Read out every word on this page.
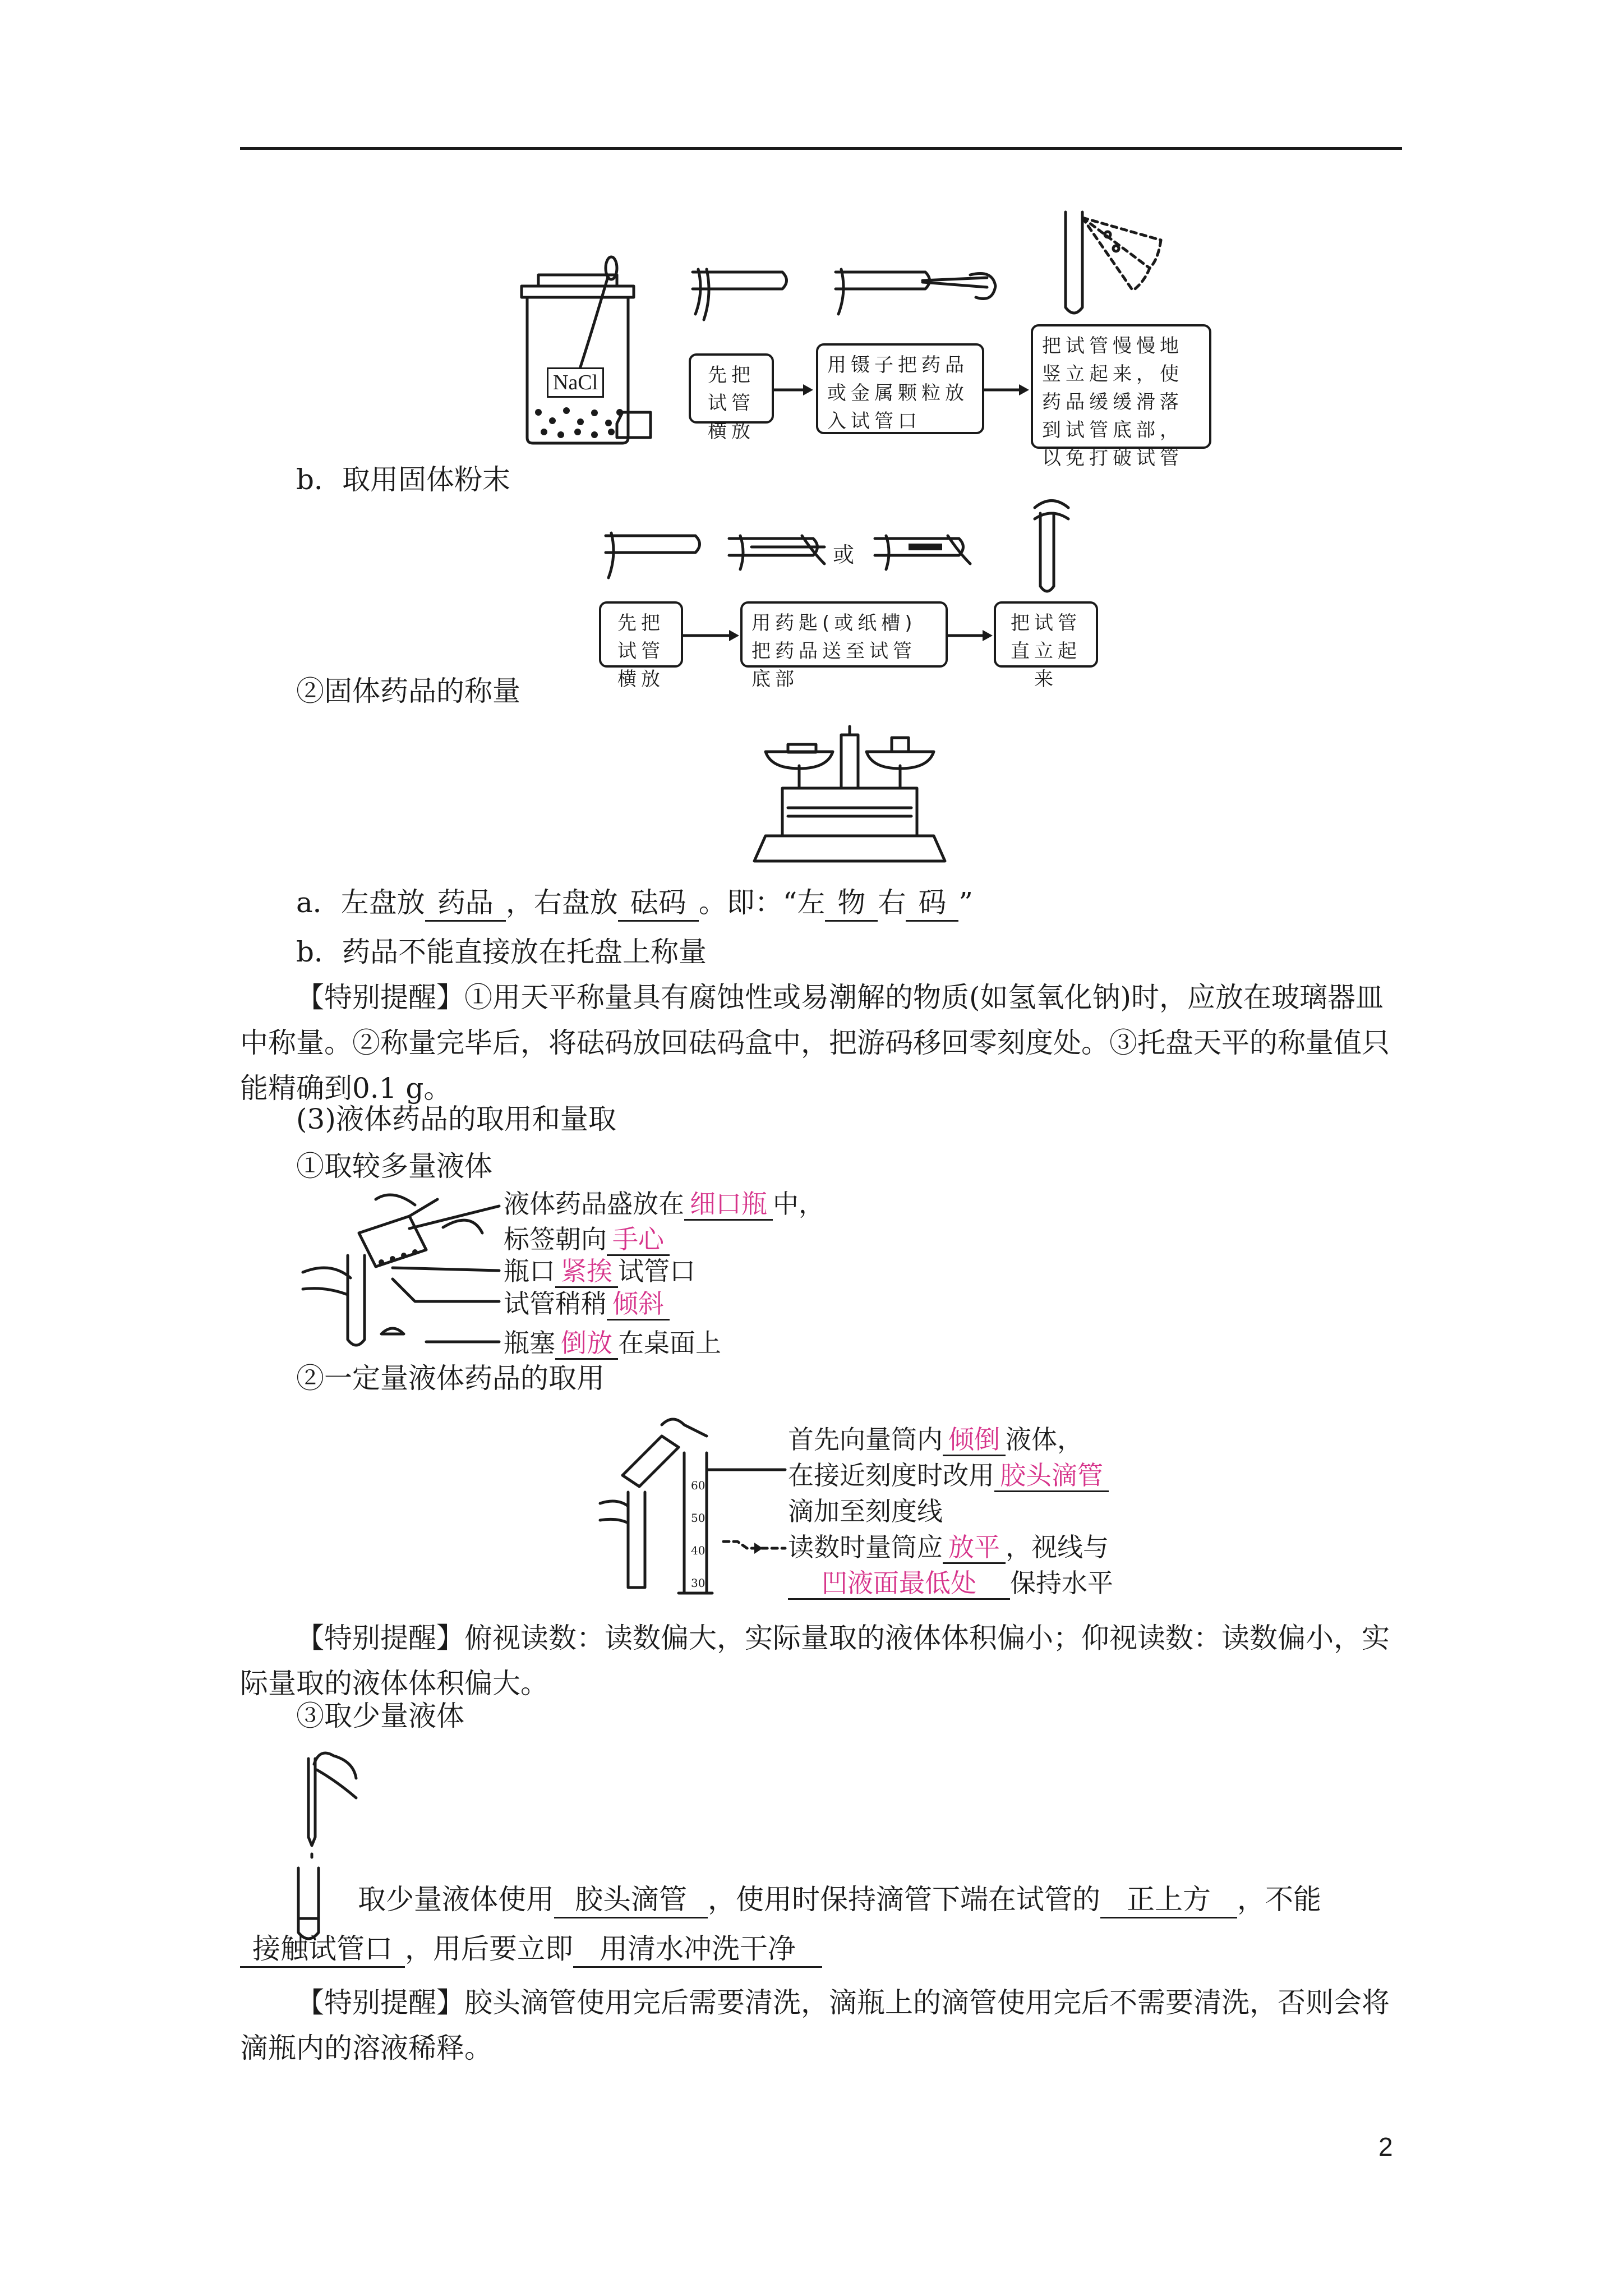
NaCl	先把试管横放
用镊子把药品或金属颗粒放入试管口
把试管慢慢地竖立起来，使药品缓缓滑落到试管底部，以免打破试管
b．取用固体粉末
或
先把试管横放
用药匙(或纸槽)把药品送至试管底部
把试管直立起来
②固体药品的称量
a．左盘放 药品 ，右盘放 砝码 。即：“左 物 右 码 ”
b．药品不能直接放在托盘上称量
【特别提醒】①用天平称量具有腐蚀性或易潮解的物质(如氢氧化钠)时，应放在玻璃器皿中称量。②称量完毕后，将砝码放回砝码盒中，把游码移回零刻度处。③托盘天平的称量值只能精确到0.1 g。
(3)液体药品的取用和量取
①取较多量液体
液体药品盛放在 细口瓶 中，
标签朝向 手心
瓶口 紧挨 试管口
试管稍稍 倾斜
瓶塞 倒放 在桌面上
②一定量液体药品的取用
60
50
40
30
首先向量筒内 倾倒 液体，
在接近刻度时改用 胶头滴管
滴加至刻度线
读数时量筒应 放平 ，视线与
凹液面最低处 保持水平
【特别提醒】俯视读数：读数偏大，实际量取的液体体积偏小；仰视读数：读数偏小，实际量取的液体体积偏大。
③取少量液体
取少量液体使用 胶头滴管 ，使用时保持滴管下端在试管的 正上方 ，不能
接触试管口 ，用后要立即 用清水冲洗干净
【特别提醒】胶头滴管使用完后需要清洗，滴瓶上的滴管使用完后不需要清洗，否则会将滴瓶内的溶液稀释。
2
